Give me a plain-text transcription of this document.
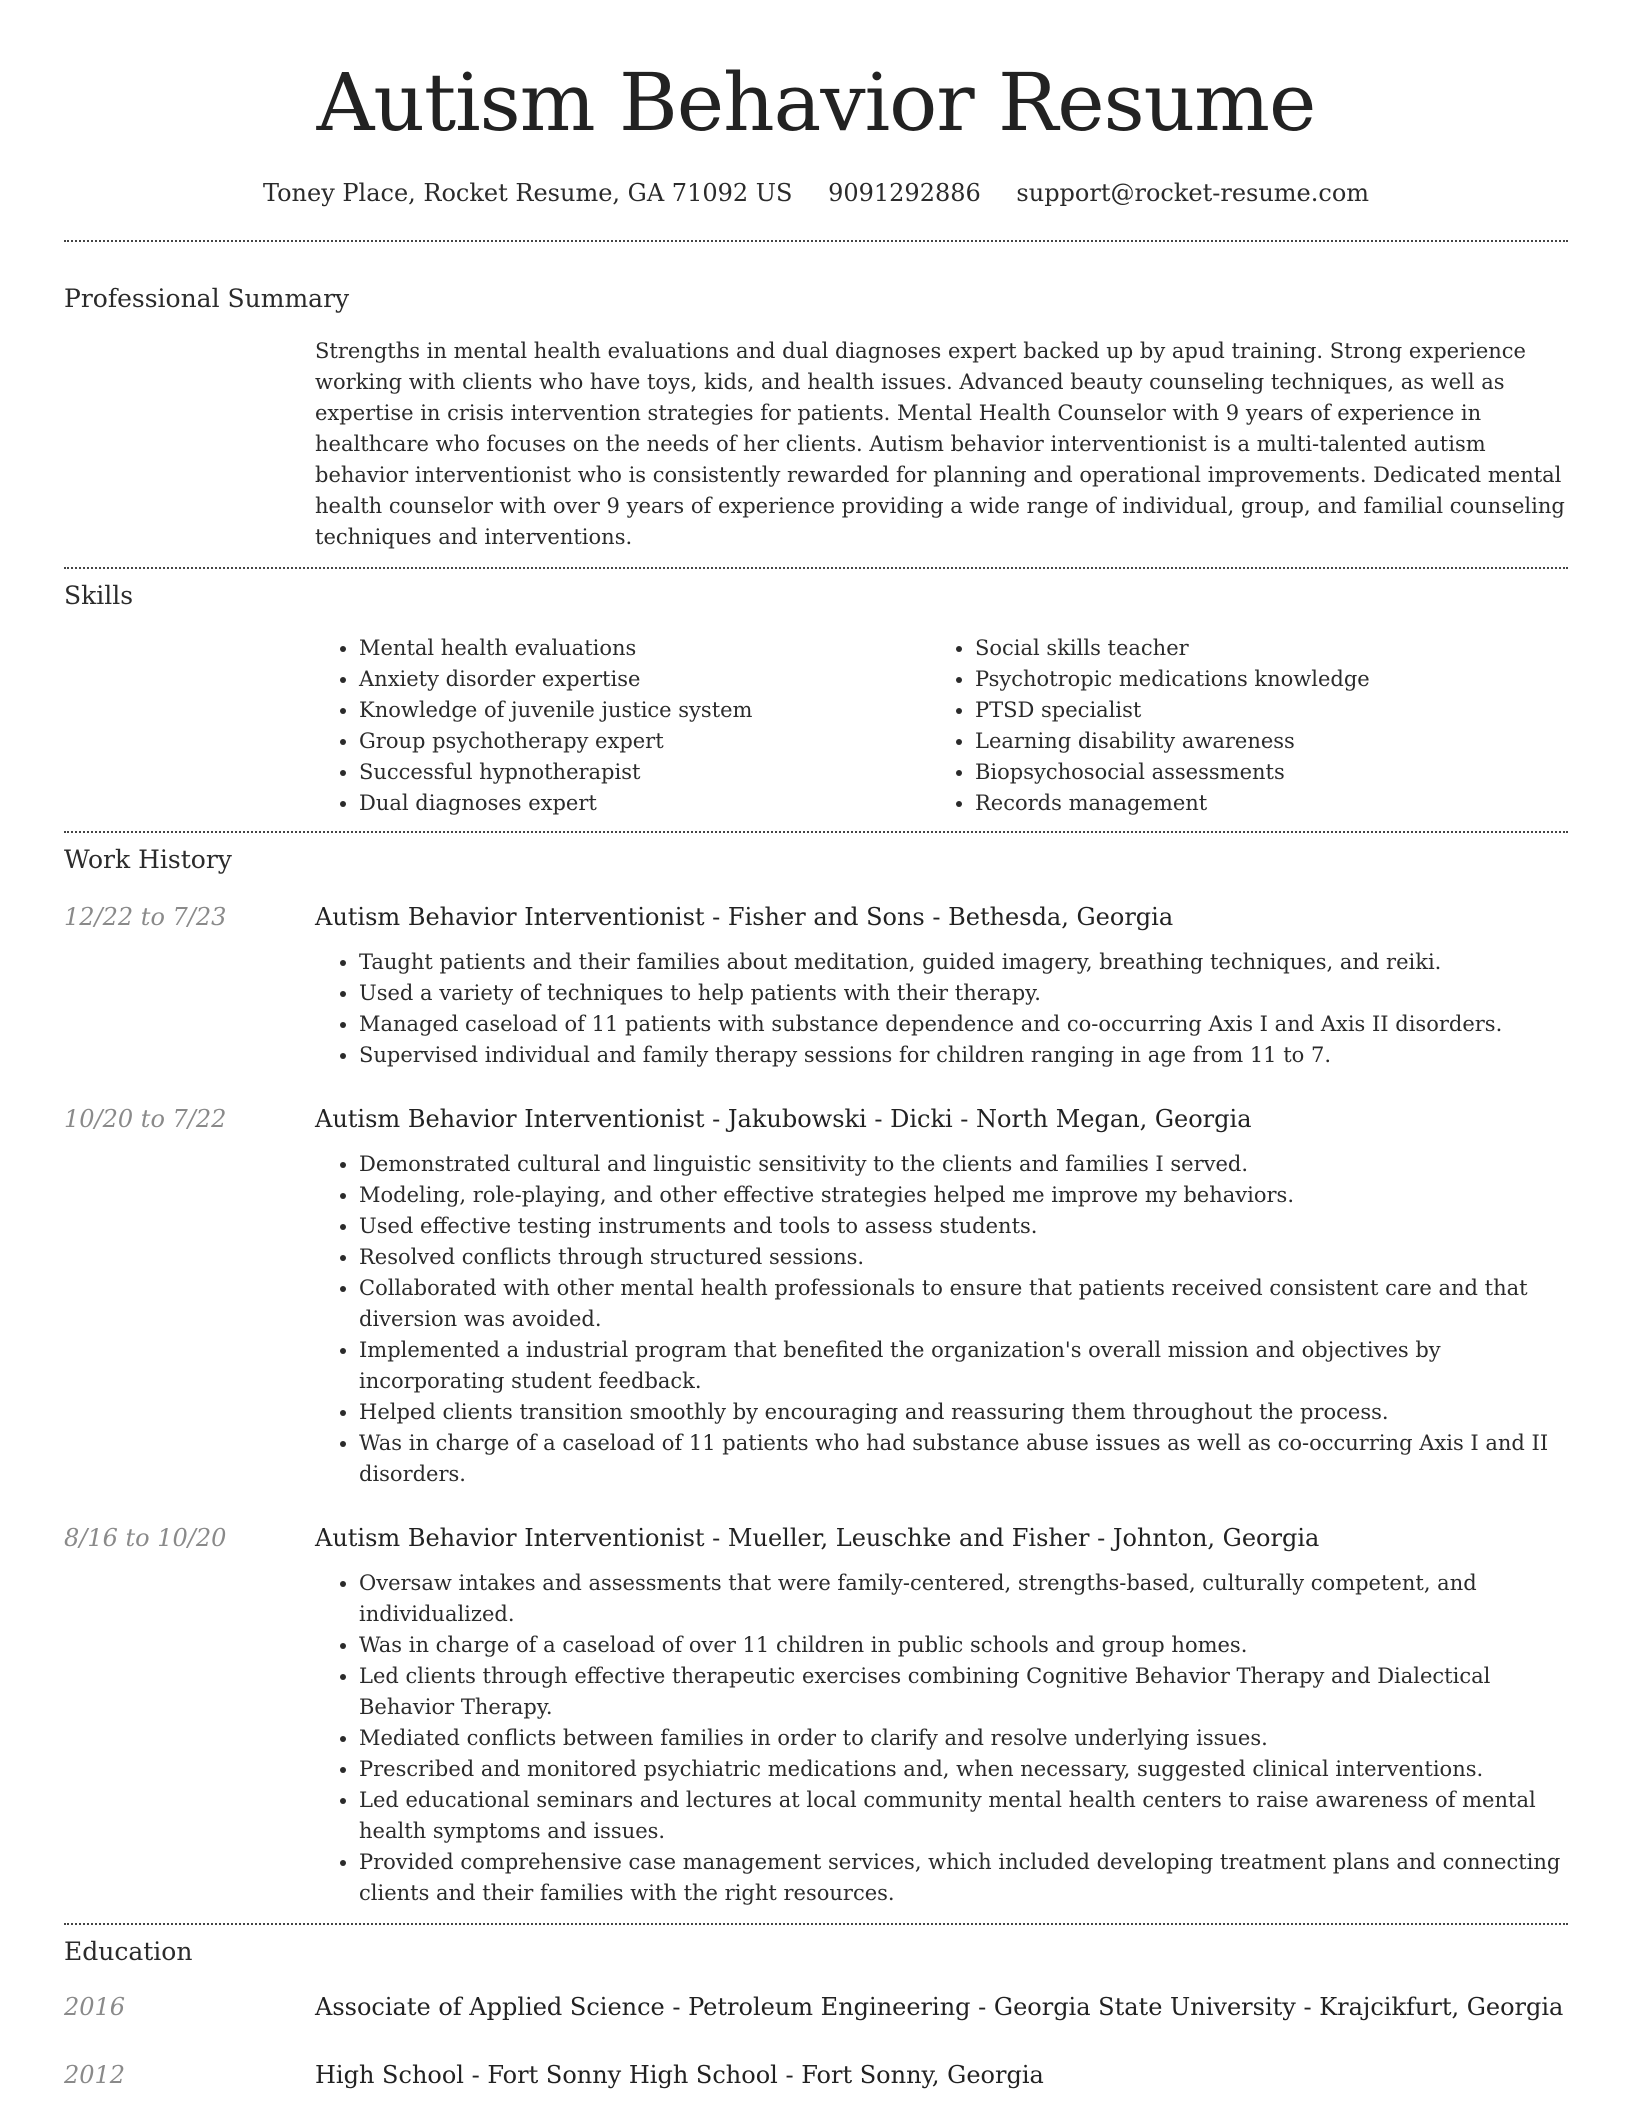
Autism Behavior Resume
Toney Place, Rocket Resume, GA 71092 US 9091292886 support@rocket-resume.com
Professional Summary

Strengths in mental health evaluations and dual diagnoses expert backed up by apud training. Strong experience working with clients who have toys, kids, and health issues. Advanced beauty counseling techniques, as well as expertise in crisis intervention strategies for patients. Mental Health Counselor with 9 years of experience in healthcare who focuses on the needs of her clients. Autism behavior interventionist is a multi-talented autism behavior interventionist who is consistently rewarded for planning and operational improvements. Dedicated mental health counselor with over 9 years of experience providing a wide range of individual, group, and familial counseling techniques and interventions.

Skills
• Mental health evaluations
• Anxiety disorder expertise
• Knowledge of juvenile justice system
• Group psychotherapy expert
• Successful hypnotherapist
• Dual diagnoses expert
• Social skills teacher
• Psychotropic medications knowledge
• PTSD specialist
• Learning disability awareness
• Biopsychosocial assessments
• Records management
Work History
12/22 to 7/23	Autism Behavior Interventionist - Fisher and Sons - Bethesda, Georgia
• Taught patients and their families about meditation, guided imagery, breathing techniques, and reiki.
• Used a variety of techniques to help patients with their therapy.
• Managed caseload of 11 patients with substance dependence and co-occurring Axis I and Axis II disorders.
• Supervised individual and family therapy sessions for children ranging in age from 11 to 7.
10/20 to 7/22	Autism Behavior Interventionist - Jakubowski - Dicki - North Megan, Georgia
• Demonstrated cultural and linguistic sensitivity to the clients and families I served.
• Modeling, role-playing, and other effective strategies helped me improve my behaviors.
• Used effective testing instruments and tools to assess students.
• Resolved conflicts through structured sessions.
• Collaborated with other mental health professionals to ensure that patients received consistent care and that diversion was avoided.
• Implemented a industrial program that benefited the organization's overall mission and objectives by incorporating student feedback.
• Helped clients transition smoothly by encouraging and reassuring them throughout the process.
• Was in charge of a caseload of 11 patients who had substance abuse issues as well as co-occurring Axis I and II disorders.
8/16 to 10/20	Autism Behavior Interventionist - Mueller, Leuschke and Fisher - Johnton, Georgia
• Oversaw intakes and assessments that were family-centered, strengths-based, culturally competent, and individualized.
• Was in charge of a caseload of over 11 children in public schools and group homes.
• Led clients through effective therapeutic exercises combining Cognitive Behavior Therapy and Dialectical Behavior Therapy.
• Mediated conflicts between families in order to clarify and resolve underlying issues.
• Prescribed and monitored psychiatric medications and, when necessary, suggested clinical interventions.
• Led educational seminars and lectures at local community mental health centers to raise awareness of mental health symptoms and issues.
• Provided comprehensive case management services, which included developing treatment plans and connecting clients and their families with the right resources.
Education
2016	Associate of Applied Science - Petroleum Engineering - Georgia State University - Krajcikfurt, Georgia
2012	High School - Fort Sonny High School - Fort Sonny, Georgia
